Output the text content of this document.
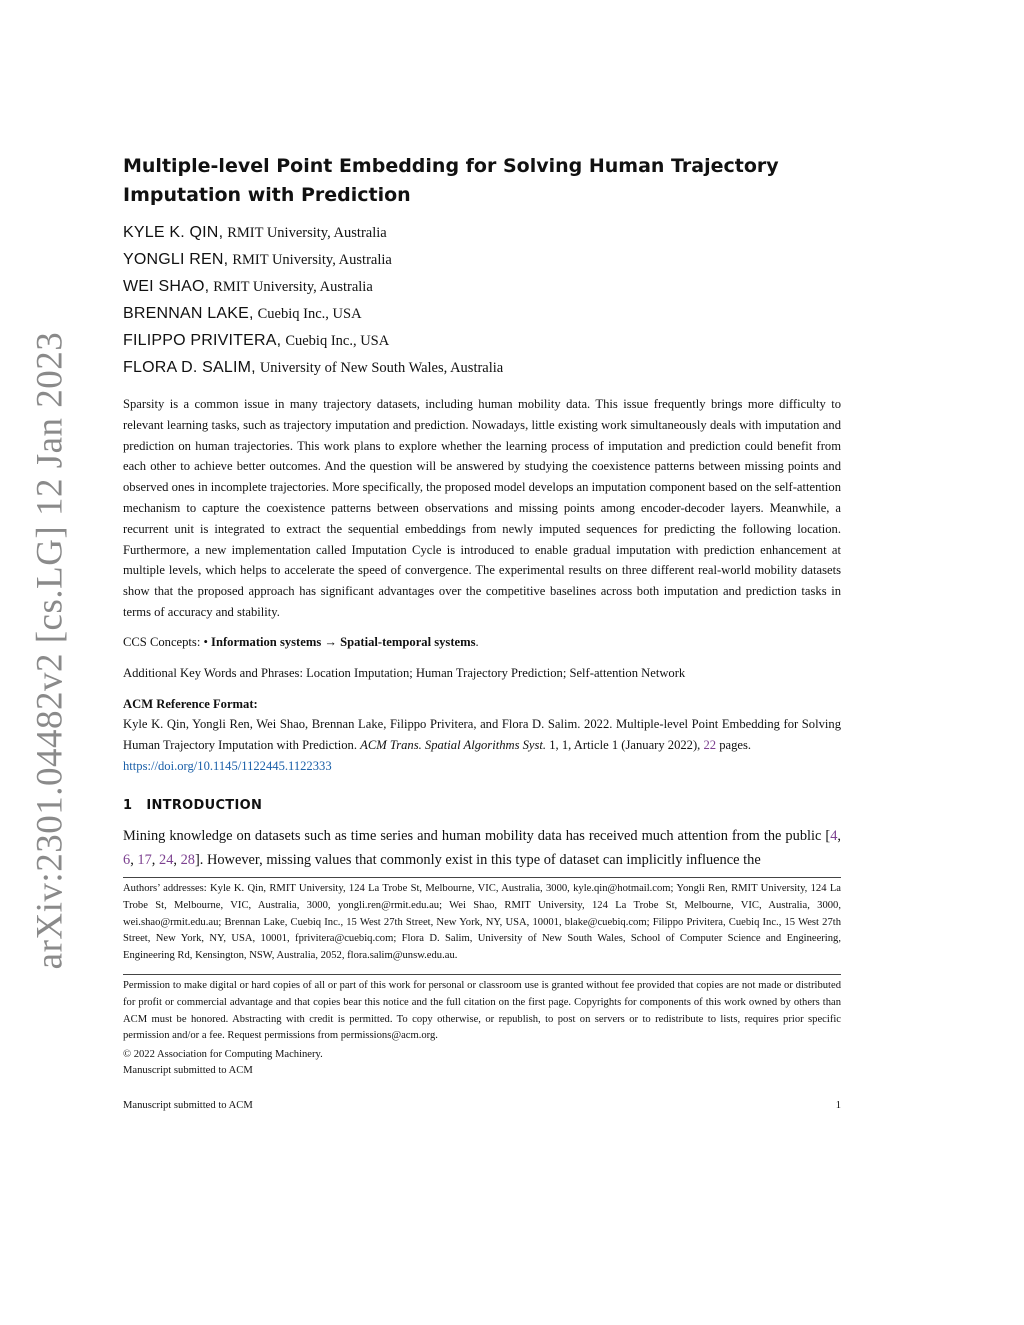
arXiv:2301.04482v2 [cs.LG] 12 Jan 2023
Multiple-level Point Embedding for Solving Human Trajectory Imputation with Prediction
KYLE K. QIN, RMIT University, Australia
YONGLI REN, RMIT University, Australia
WEI SHAO, RMIT University, Australia
BRENNAN LAKE, Cuebiq Inc., USA
FILIPPO PRIVITERA, Cuebiq Inc., USA
FLORA D. SALIM, University of New South Wales, Australia

Sparsity is a common issue in many trajectory datasets, including human mobility data. This issue frequently brings more difficulty to relevant learning tasks, such as trajectory imputation and prediction. Nowadays, little existing work simultaneously deals with imputation and prediction on human trajectories. This work plans to explore whether the learning process of imputation and prediction could benefit from each other to achieve better outcomes. And the question will be answered by studying the coexistence patterns between missing points and observed ones in incomplete trajectories. More specifically, the proposed model develops an imputation component based on the self-attention mechanism to capture the coexistence patterns between observations and missing points among encoder-decoder layers. Meanwhile, a recurrent unit is integrated to extract the sequential embeddings from newly imputed sequences for predicting the following location. Furthermore, a new implementation called Imputation Cycle is introduced to enable gradual imputation with prediction enhancement at multiple levels, which helps to accelerate the speed of convergence. The experimental results on three different real-world mobility datasets show that the proposed approach has significant advantages over the competitive baselines across both imputation and prediction tasks in terms of accuracy and stability.

CCS Concepts: • Information systems → Spatial-temporal systems.

Additional Key Words and Phrases: Location Imputation; Human Trajectory Prediction; Self-attention Network

ACM Reference Format:

Kyle K. Qin, Yongli Ren, Wei Shao, Brennan Lake, Filippo Privitera, and Flora D. Salim. 2022. Multiple-level Point Embedding for Solving Human Trajectory Imputation with Prediction. ACM Trans. Spatial Algorithms Syst. 1, 1, Article 1 (January 2022), 22 pages.
https://doi.org/10.1145/1122445.1122333

1 INTRODUCTION

Mining knowledge on datasets such as time series and human mobility data has received much attention from the public [4, 6, 17, 24, 28]. However, missing values that commonly exist in this type of dataset can implicitly influence the

Authors’ addresses: Kyle K. Qin, RMIT University, 124 La Trobe St, Melbourne, VIC, Australia, 3000, kyle.qin@hotmail.com; Yongli Ren, RMIT University, 124 La Trobe St, Melbourne, VIC, Australia, 3000, yongli.ren@rmit.edu.au; Wei Shao, RMIT University, 124 La Trobe St, Melbourne, VIC, Australia, 3000, wei.shao@rmit.edu.au; Brennan Lake, Cuebiq Inc., 15 West 27th Street, New York, NY, USA, 10001, blake@cuebiq.com; Filippo Privitera, Cuebiq Inc., 15 West 27th Street, New York, NY, USA, 10001, fprivitera@cuebiq.com; Flora D. Salim, University of New South Wales, School of Computer Science and Engineering, Engineering Rd, Kensington, NSW, Australia, 2052, flora.salim@unsw.edu.au.

Permission to make digital or hard copies of all or part of this work for personal or classroom use is granted without fee provided that copies are not made or distributed for profit or commercial advantage and that copies bear this notice and the full citation on the first page. Copyrights for components of this work owned by others than ACM must be honored. Abstracting with credit is permitted. To copy otherwise, or republish, to post on servers or to redistribute to lists, requires prior specific permission and/or a fee. Request permissions from permissions@acm.org.

© 2022 Association for Computing Machinery.

Manuscript submitted to ACM

Manuscript submitted to ACM	1
